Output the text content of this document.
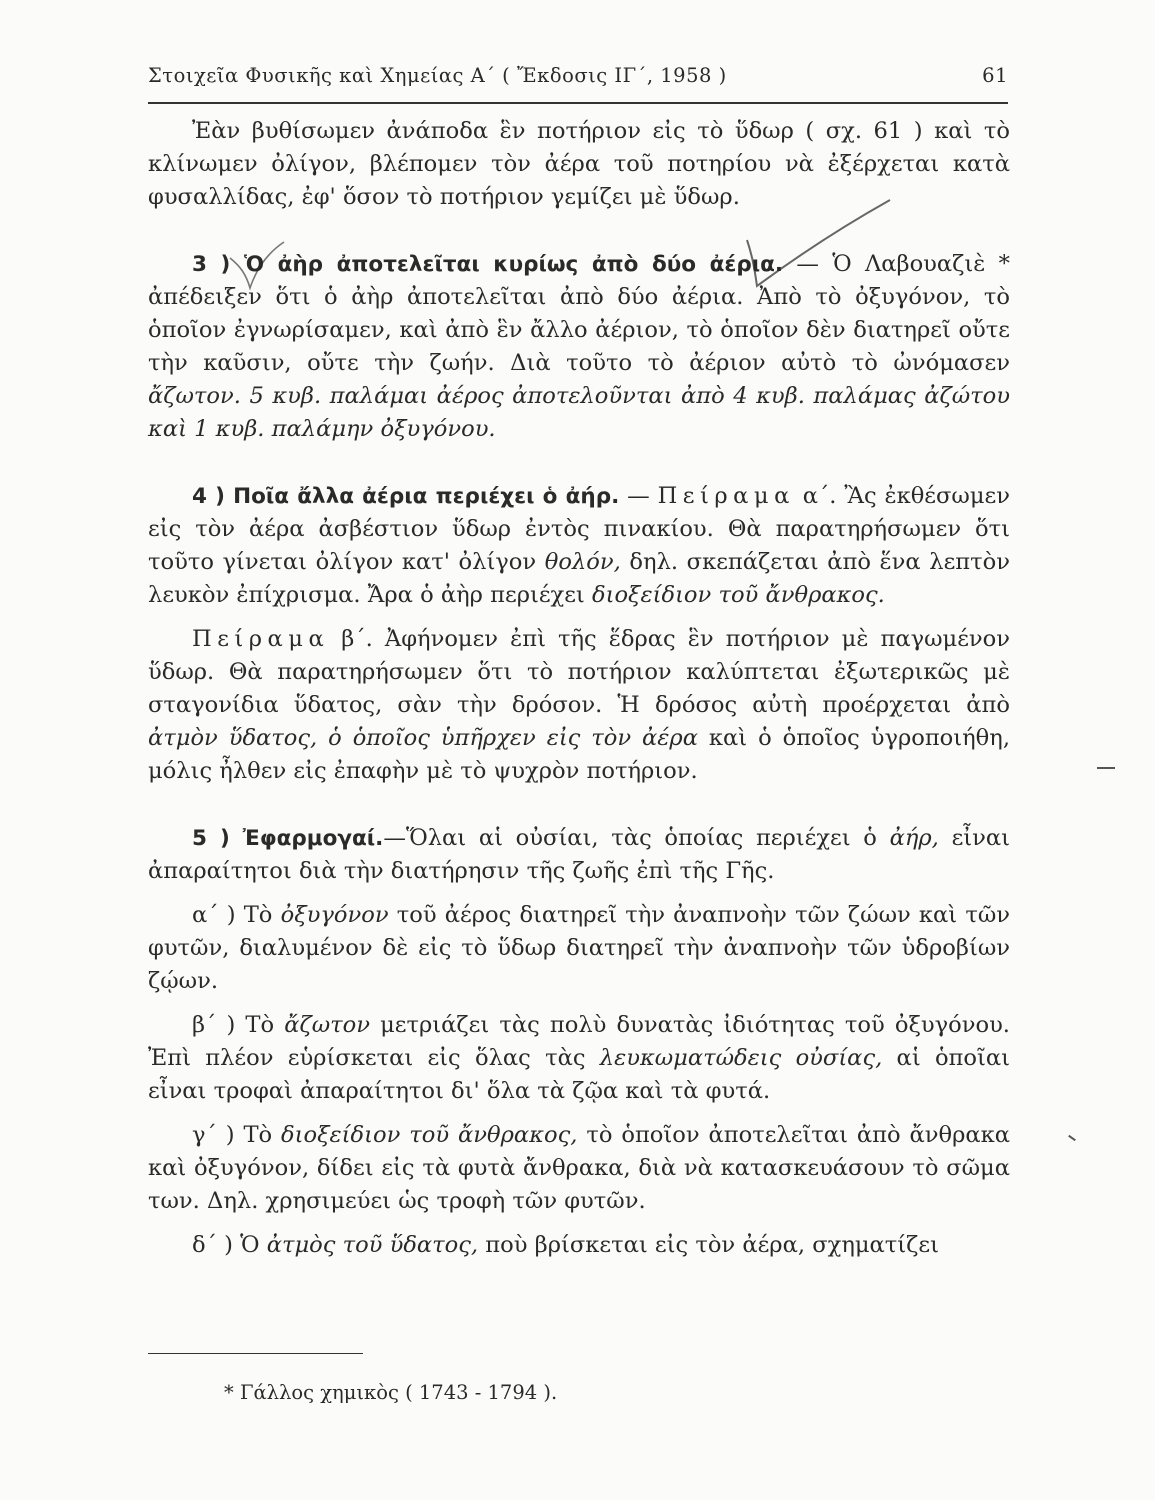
Στοιχεῖα Φυσικῆς καὶ Χημείας Α΄ ( Ἔκδοσις ΙΓ΄, 1958 )	61

Ἐὰν βυθίσωμεν ἀνάποδα ἓν ποτήριον εἰς τὸ ὕδωρ ( σχ. 61 ) καὶ τὸ κλίνωμεν ὀλίγον, βλέπομεν τὸν ἀέρα τοῦ ποτηρίου νὰ ἐξέρχεται κατὰ φυσαλλίδας, ἐφ' ὅσον τὸ ποτήριον γεμίζει μὲ ὕδωρ.

3 ) Ὁ ἀὴρ ἀποτελεῖται κυρίως ἀπὸ δύο ἀέρια. — Ὁ Λαβουαζιὲ * ἀπέδειξεν ὅτι ὁ ἀὴρ ἀποτελεῖται ἀπὸ δύο ἀέρια. Ἀπὸ τὸ ὀξυγόνον, τὸ ὁποῖον ἐγνωρίσαμεν, καὶ ἀπὸ ἓν ἄλλο ἀέριον, τὸ ὁποῖον δὲν διατηρεῖ οὔτε τὴν καῦσιν, οὔτε τὴν ζωήν. Διὰ τοῦτο τὸ ἀέριον αὐτὸ τὸ ὠνόμασεν ἄζωτον. 5 κυβ. παλάμαι ἀέρος ἀποτελοῦνται ἀπὸ 4 κυβ. παλάμας ἀζώτου καὶ 1 κυβ. παλάμην ὀξυγόνου.

4 ) Ποῖα ἄλλα ἀέρια περιέχει ὁ ἀήρ. — Πείραμα α΄. Ἂς ἐκθέσωμεν εἰς τὸν ἀέρα ἀσβέστιον ὕδωρ ἐντὸς πινακίου. Θὰ παρατηρήσωμεν ὅτι τοῦτο γίνεται ὀλίγον κατ' ὀλίγον θολόν, δηλ. σκεπάζεται ἀπὸ ἕνα λεπτὸν λευκὸν ἐπίχρισμα. Ἄρα ὁ ἀὴρ περιέχει διοξείδιον τοῦ ἄνθρακος.

Πείραμα β΄. Ἀφήνομεν ἐπὶ τῆς ἕδρας ἓν ποτήριον μὲ παγωμένον ὕδωρ. Θὰ παρατηρήσωμεν ὅτι τὸ ποτήριον καλύπτεται ἐξωτερικῶς μὲ σταγονίδια ὕδατος, σὰν τὴν δρόσον. Ἡ δρόσος αὐτὴ προέρχεται ἀπὸ ἀτμὸν ὕδατος, ὁ ὁποῖος ὑπῆρχεν εἰς τὸν ἀέρα καὶ ὁ ὁποῖος ὑγροποιήθη, μόλις ἦλθεν εἰς ἐπαφὴν μὲ τὸ ψυχρὸν ποτήριον.

5 ) Ἐφαρμογαί.—Ὅλαι αἱ οὐσίαι, τὰς ὁποίας περιέχει ὁ ἀήρ, εἶναι ἀπαραίτητοι διὰ τὴν διατήρησιν τῆς ζωῆς ἐπὶ τῆς Γῆς.

α΄ ) Τὸ ὀξυγόνον τοῦ ἀέρος διατηρεῖ τὴν ἀναπνοὴν τῶν ζώων καὶ τῶν φυτῶν, διαλυμένον δὲ εἰς τὸ ὕδωρ διατηρεῖ τὴν ἀναπνοὴν τῶν ὑδροβίων ζῴων.

β΄ ) Τὸ ἄζωτον μετριάζει τὰς πολὺ δυνατὰς ἰδιότητας τοῦ ὀξυγόνου. Ἐπὶ πλέον εὑρίσκεται εἰς ὅλας τὰς λευκωματώδεις οὐσίας, αἱ ὁποῖαι εἶναι τροφαὶ ἀπαραίτητοι δι' ὅλα τὰ ζῷα καὶ τὰ φυτά.

γ΄ ) Τὸ διοξείδιον τοῦ ἄνθρακος, τὸ ὁποῖον ἀποτελεῖται ἀπὸ ἄνθρακα καὶ ὀξυγόνον, δίδει εἰς τὰ φυτὰ ἄνθρακα, διὰ νὰ κατασκευάσουν τὸ σῶμα των. Δηλ. χρησιμεύει ὡς τροφὴ τῶν φυτῶν.

δ΄ ) Ὁ ἀτμὸς τοῦ ὕδατος, ποὺ βρίσκεται εἰς τὸν ἀέρα, σχηματίζει

* Γάλλος χημικὸς ( 1743 - 1794 ).
